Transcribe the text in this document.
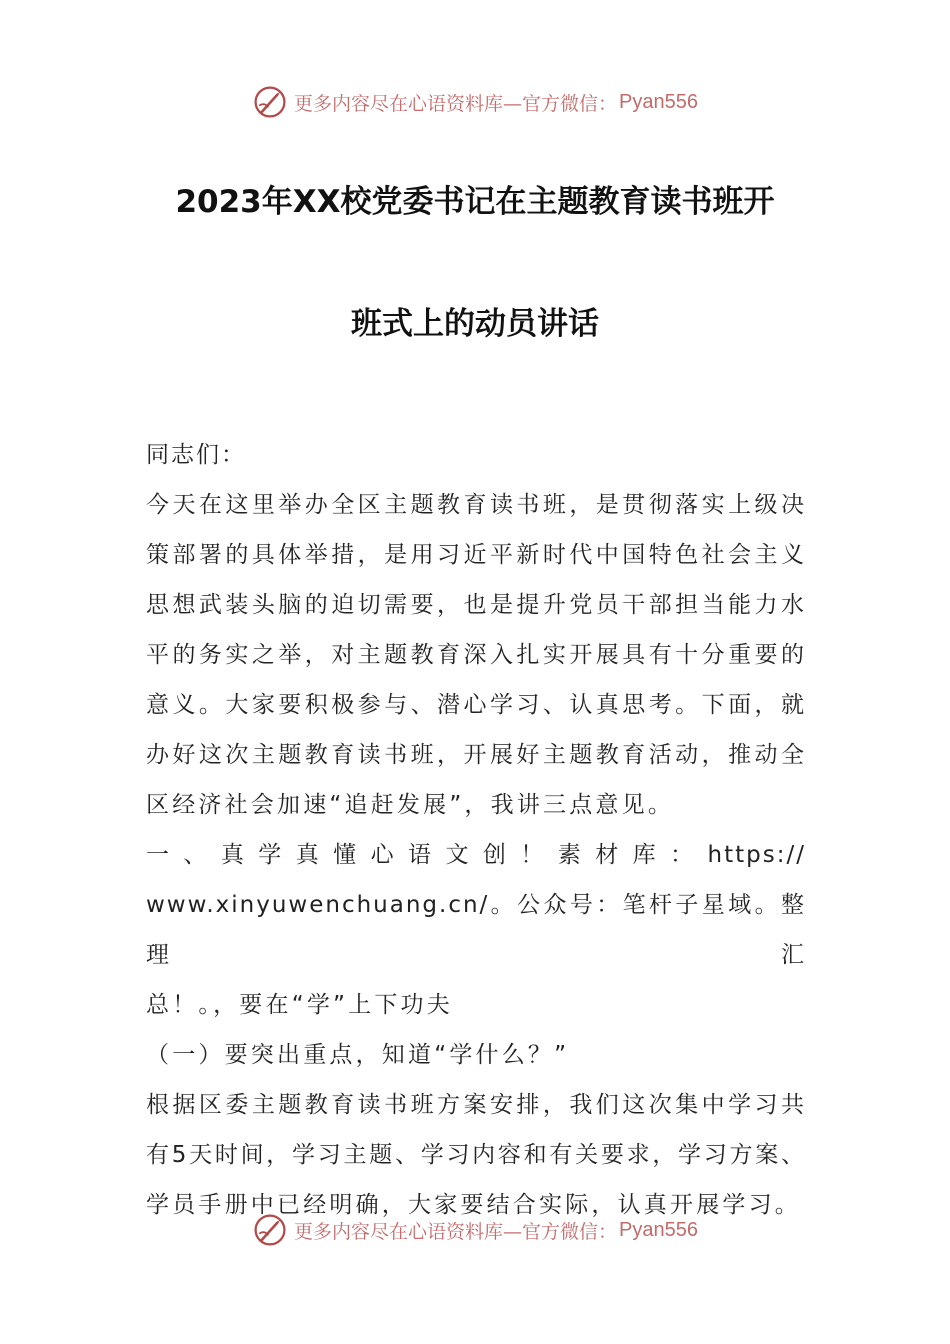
更多内容尽在心语资料库—官方微信： Pyan556
2023年XX校党委书记在主题教育读书班开
班式上的动员讲话

同志们：

今天在这里举办全区主题教育读书班，是贯彻落实上级决

策部署的具体举措，是用习近平新时代中国特色社会主义

思想武装头脑的迫切需要，也是提升党员干部担当能力水

平的务实之举，对主题教育深入扎实开展具有十分重要的

意义。大家要积极参与、潜心学习、认真思考。下面，就

办好这次主题教育读书班，开展好主题教育活动，推动全

区经济社会加速“追赶发展”，我讲三点意见。

一 、 真 学 真 懂 心 语 文 创 ！ 素 材 库 ： https://

www.xinyuwenchuang.cn/。公众号：笔杆子星域。整理汇

总！。，要在“学”上下功夫

（一）要突出重点，知道“学什么？”

根据区委主题教育读书班方案安排，我们这次集中学习共

有5天时间，学习主题、学习内容和有关要求，学习方案、

学员手册中已经明确，大家要结合实际，认真开展学习。

更多内容尽在心语资料库—官方微信： Pyan556
